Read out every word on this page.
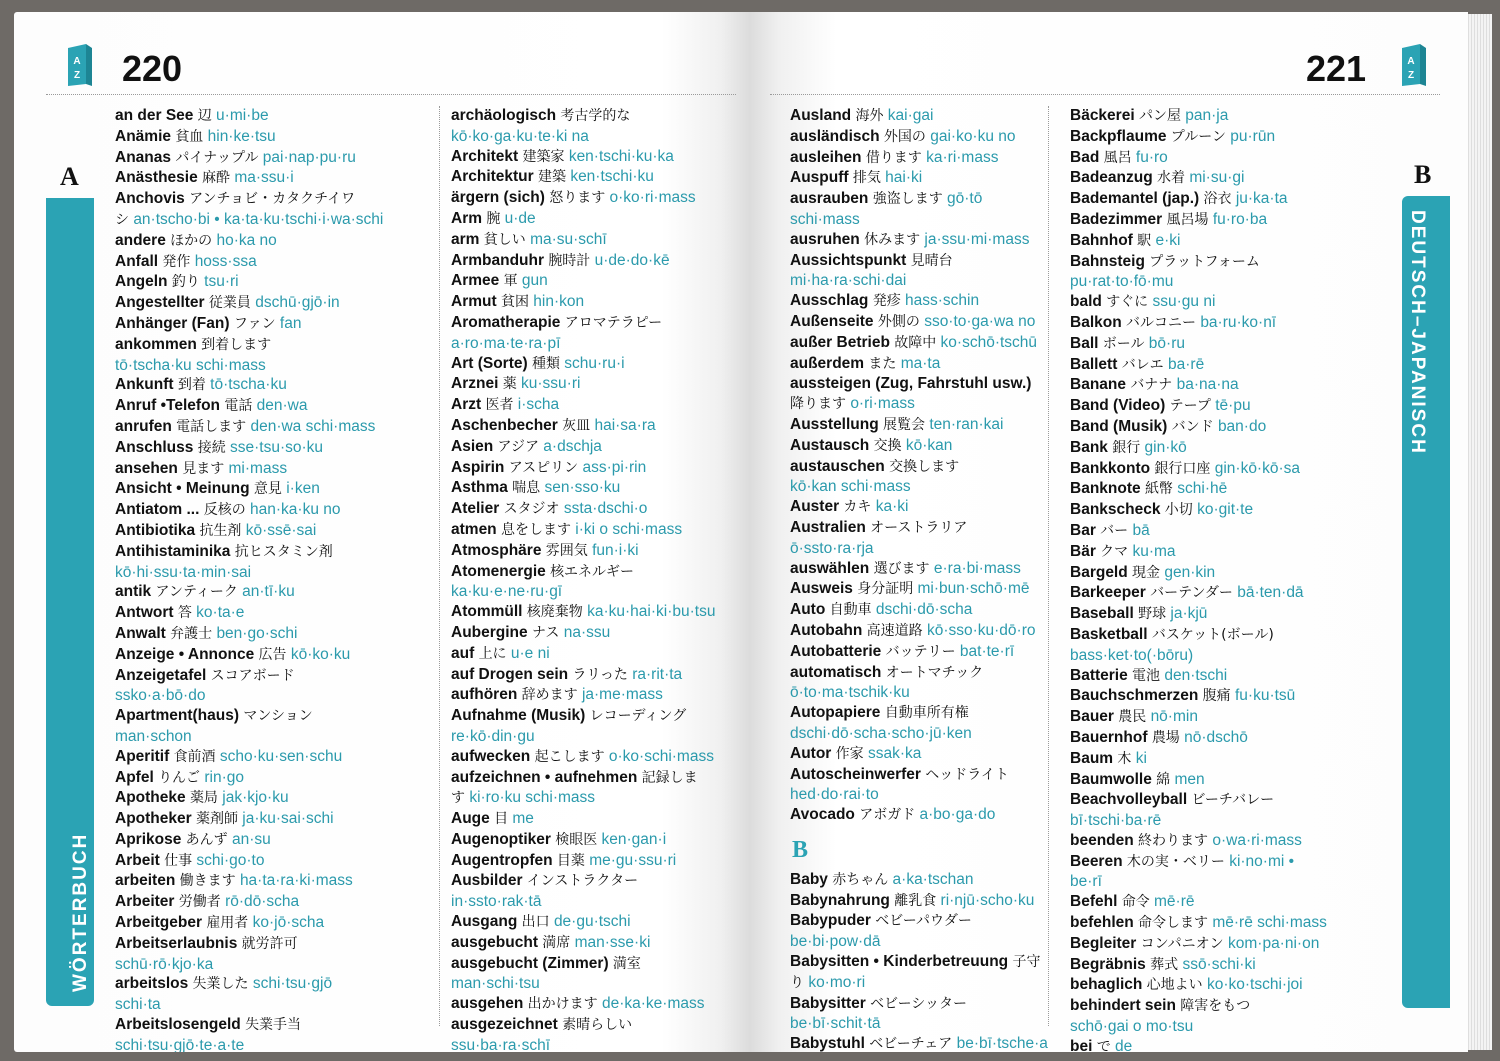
A
Z 220
A
WÖRTERBUCH
an der See 辺 u·mi·be
Anämie 貧血 hin·ke·tsu
Ananas パイナップル pai·nap·pu·ru
Anästhesie 麻酔 ma·ssu·i
Anchovis アンチョビ・カタクチイワ
シ an·tscho·bi • ka·ta·ku·tschi·i·wa·schi
andere ほかの ho·ka no
Anfall 発作 hoss·ssa
Angeln 釣り tsu·ri
Angestellter 従業員 dschū·gjō·in
Anhänger (Fan) ファン fan
ankommen 到着します
tō·tscha·ku schi·mass
Ankunft 到着 tō·tscha·ku
Anruf •Telefon 電話 den·wa
anrufen 電話します den·wa schi·mass
Anschluss 接続 sse·tsu·so·ku
ansehen 見ます mi·mass
Ansicht • Meinung 意見 i·ken
Antiatom ... 反核の han·ka·ku no
Antibiotika 抗生剤 kō·ssē·sai
Antihistaminika 抗ヒスタミン剤
kō·hi·ssu·ta·min·sai
antik アンティーク an·tī·ku
Antwort 答 ko·ta·e
Anwalt 弁護士 ben·go·schi
Anzeige • Annonce 広告 kō·ko·ku
Anzeigetafel スコアボード
ssko·a·bō·do
Apartment(haus) マンション
man·schon
Aperitif 食前酒 scho·ku·sen·schu
Apfel りんご rin·go
Apotheke 薬局 jak·kjo·ku
Apotheker 薬剤師 ja·ku·sai·schi
Aprikose あんず an·su
Arbeit 仕事 schi·go·to
arbeiten 働きます ha·ta·ra·ki·mass
Arbeiter 労働者 rō·dō·scha
Arbeitgeber 雇用者 ko·jō·scha
Arbeitserlaubnis 就労許可
schū·rō·kjo·ka
arbeitslos 失業した schi·tsu·gjō
schi·ta
Arbeitslosengeld 失業手当
schi·tsu·gjō·te·a·te
archäologisch 考古学的な
kō·ko·ga·ku·te·ki na
Architekt 建築家 ken·tschi·ku·ka
Architektur 建築 ken·tschi·ku
ärgern (sich) 怒ります o·ko·ri·mass
Arm 腕 u·de
arm 貧しい ma·su·schī
Armbanduhr 腕時計 u·de·do·kē
Armee 軍 gun
Armut 貧困 hin·kon
Aromatherapie アロマテラピー
a·ro·ma·te·ra·pī
Art (Sorte) 種類 schu·ru·i
Arznei 薬 ku·ssu·ri
Arzt 医者 i·scha
Aschenbecher 灰皿 hai·sa·ra
Asien アジア a·dschja
Aspirin アスピリン ass·pi·rin
Asthma 喘息 sen·sso·ku
Atelier スタジオ ssta·dschi·o
atmen 息をします i·ki o schi·mass
Atmosphäre 雰囲気 fun·i·ki
Atomenergie 核エネルギー
ka·ku·e·ne·ru·gī
Atommüll 核廃棄物 ka·ku·hai·ki·bu·tsu
Aubergine ナス na·ssu
auf 上に u·e ni
auf Drogen sein ラリった ra·rit·ta
aufhören 辞めます ja·me·mass
Aufnahme (Musik) レコーディング
re·kō·din·gu
aufwecken 起こします o·ko·schi·mass
aufzeichnen • aufnehmen 記録しま
す ki·ro·ku schi·mass
Auge 目 me
Augenoptiker 検眼医 ken·gan·i
Augentropfen 目薬 me·gu·ssu·ri
Ausbilder インストラクター
in·ssto·rak·tā
Ausgang 出口 de·gu·tschi
ausgebucht 満席 man·sse·ki
ausgebucht (Zimmer) 満室
man·schi·tsu
ausgehen 出かけます de·ka·ke·mass
ausgezeichnet 素晴らしい
ssu·ba·ra·schī
A
Z
221
B
DEUTSCH–JAPANISCH
Ausland 海外 kai·gai
ausländisch 外国の gai·ko·ku no
ausleihen 借ります ka·ri·mass
Auspuff 排気 hai·ki
ausrauben 強盗します gō·tō
schi·mass
ausruhen 休みます ja·ssu·mi·mass
Aussichtspunkt 見晴台
mi·ha·ra·schi·dai
Ausschlag 発疹 hass·schin
Außenseite 外側の sso·to·ga·wa no
außer Betrieb 故障中 ko·schō·tschū
außerdem また ma·ta
aussteigen (Zug, Fahrstuhl usw.)
降ります o·ri·mass
Ausstellung 展覧会 ten·ran·kai
Austausch 交換 kō·kan
austauschen 交換します
kō·kan schi·mass
Auster カキ ka·ki
Australien オーストラリア
ō·ssto·ra·rja
auswählen 選びます e·ra·bi·mass
Ausweis 身分証明 mi·bun·schō·mē
Auto 自動車 dschi·dō·scha
Autobahn 高速道路 kō·sso·ku·dō·ro
Autobatterie バッテリー bat·te·rī
automatisch オートマチック
ō·to·ma·tschik·ku
Autopapiere 自動車所有権
dschi·dō·scha·scho·jū·ken
Autor 作家 ssak·ka
Autoscheinwerfer ヘッドライト
hed·do·rai·to
Avocado アボガド a·bo·ga·do
B
Baby 赤ちゃん a·ka·tschan
Babynahrung 離乳食 ri·njū·scho·ku
Babypuder ベビーパウダー
be·bi·pow·dā
Babysitten • Kinderbetreuung 子守
り ko·mo·ri
Babysitter ベビーシッター
be·bī·schit·tā
Babystuhl ベビーチェア be·bī·tsche·a
Bäckerei パン屋 pan·ja
Backpflaume プルーン pu·rūn
Bad 風呂 fu·ro
Badeanzug 水着 mi·su·gi
Bademantel (jap.) 浴衣 ju·ka·ta
Badezimmer 風呂場 fu·ro·ba
Bahnhof 駅 e·ki
Bahnsteig プラットフォーム
pu·rat·to·fō·mu
bald すぐに ssu·gu ni
Balkon バルコニー ba·ru·ko·nī
Ball ボール bō·ru
Ballett バレエ ba·rē
Banane バナナ ba·na·na
Band (Video) テープ tē·pu
Band (Musik) バンド ban·do
Bank 銀行 gin·kō
Bankkonto 銀行口座 gin·kō·kō·sa
Banknote 紙幣 schi·hē
Bankscheck 小切 ko·git·te
Bar バー bā
Bär クマ ku·ma
Bargeld 現金 gen·kin
Barkeeper バーテンダー bā·ten·dā
Baseball 野球 ja·kjū
Basketball バスケット(ボール)
bass·ket·to(·bōru)
Batterie 電池 den·tschi
Bauchschmerzen 腹痛 fu·ku·tsū
Bauer 農民 nō·min
Bauernhof 農場 nō·dschō
Baum 木 ki
Baumwolle 綿 men
Beachvolleyball ビーチバレー
bī·tschi·ba·rē
beenden 終わります o·wa·ri·mass
Beeren 木の実・ベリー ki·no·mi •
be·rī
Befehl 命令 mē·rē
befehlen 命令します mē·rē schi·mass
Begleiter コンパニオン kom·pa·ni·on
Begräbnis 葬式 ssō·schi·ki
behaglich 心地よい ko·ko·tschi·joi
behindert sein 障害をもつ
schō·gai o mo·tsu
bei で de
